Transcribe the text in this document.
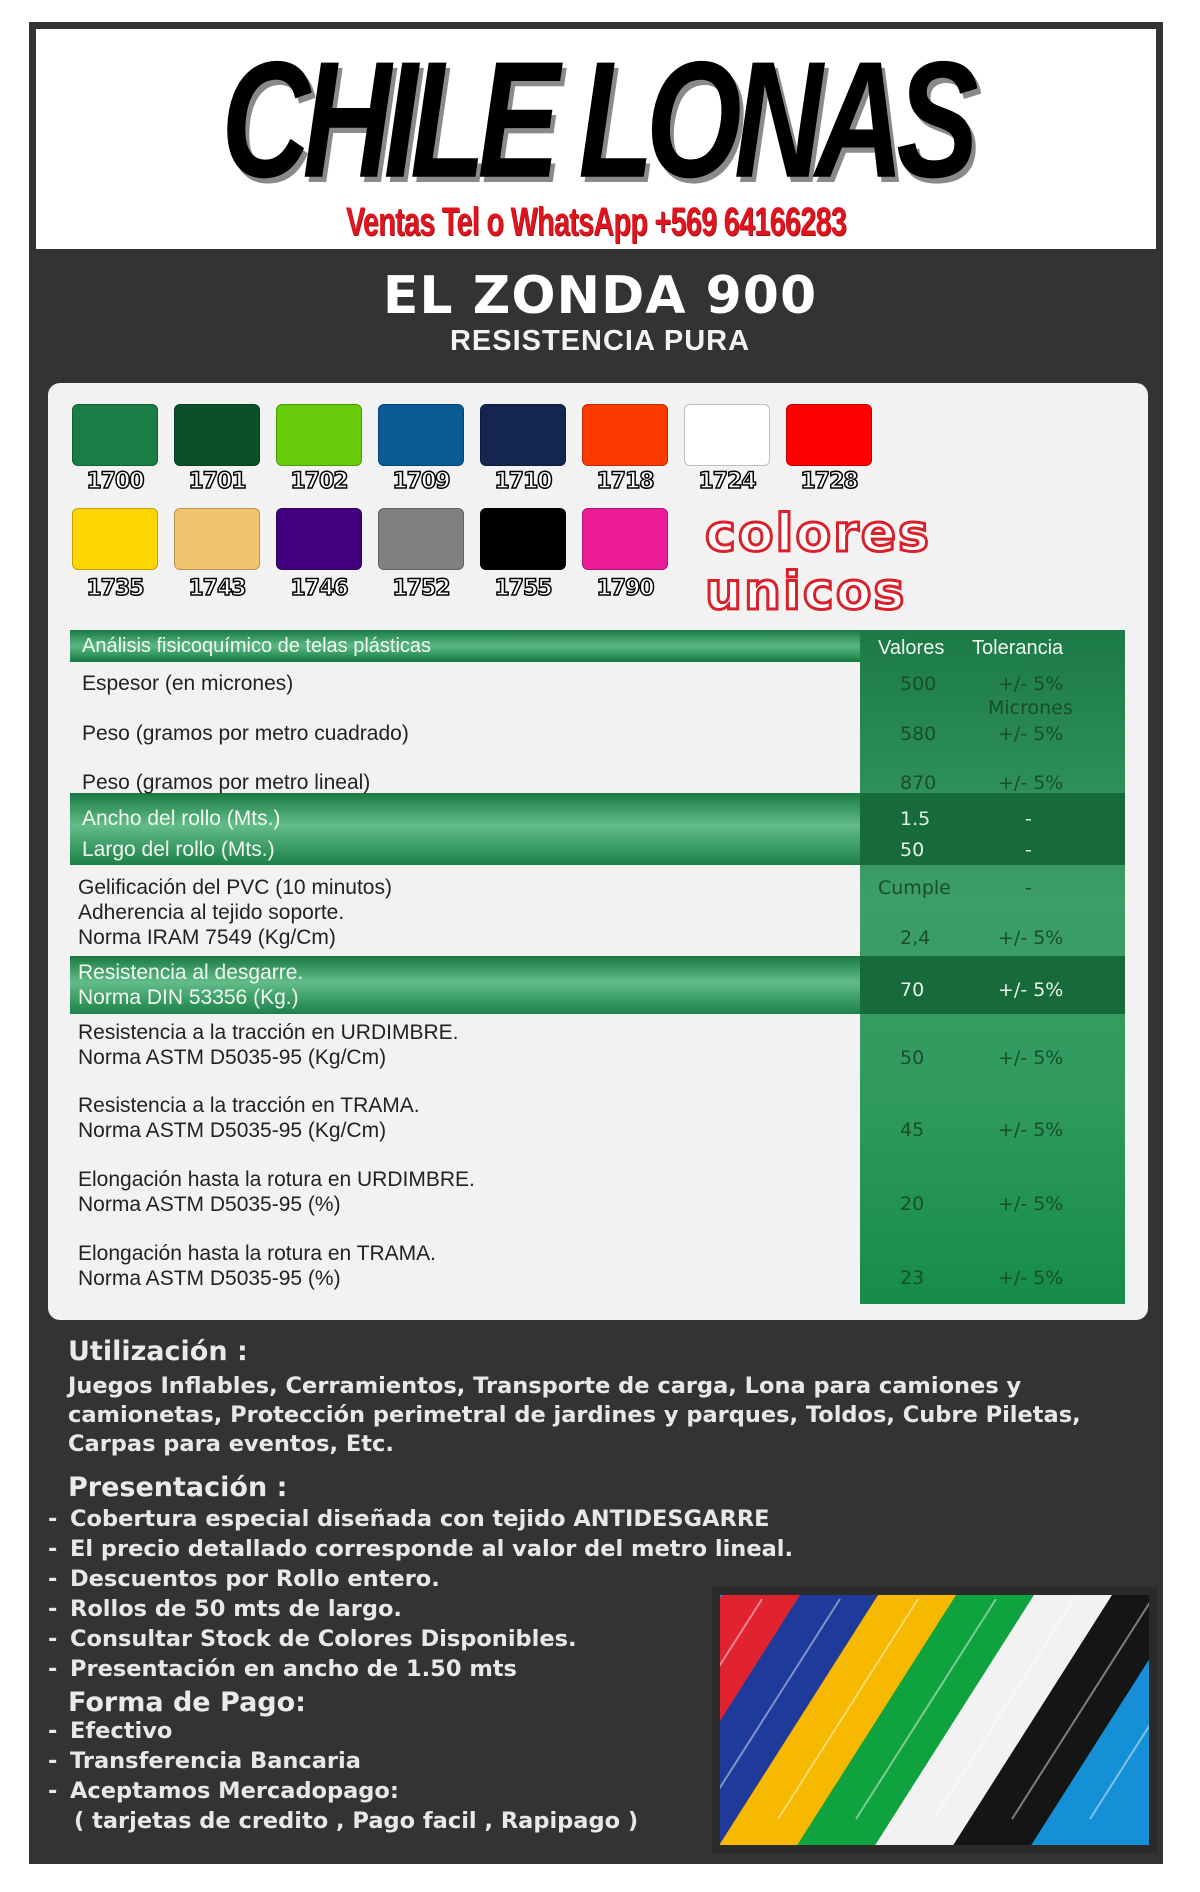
CHILE LONAS
Ventas Tel o WhatsApp +569 64166283
EL ZONDA 900
RESISTENCIA PURA
1700	1701	1702	1709	1710	1718	1724	1728
1735	1743	1746	1752	1755	1790
colores
unicos
Análisis fisicoquímico de telas plásticas	Valores Tolerancia
Espesor (en micrones)	500	+/- 5%
Micrones
Peso (gramos por metro cuadrado)	580	+/- 5%
Peso (gramos por metro lineal)	870	+/- 5%
Ancho del rollo (Mts.)	1.5	-
Largo del rollo (Mts.)	50	-
Gelificación del PVC (10 minutos)	Cumple	-
Adherencia al tejido soporte.
Norma IRAM 7549 (Kg/Cm)	2,4	+/- 5%
Resistencia al desgarre.
Norma DIN 53356 (Kg.)	70	+/- 5%
Resistencia a la tracción en URDIMBRE.
Norma ASTM D5035-95 (Kg/Cm)	50	+/- 5%
Resistencia a la tracción en TRAMA.
Norma ASTM D5035-95 (Kg/Cm)	45	+/- 5%
Elongación hasta la rotura en URDIMBRE.
Norma ASTM D5035-95 (%)	20	+/- 5%
Elongación hasta la rotura en TRAMA.
Norma ASTM D5035-95 (%)	23	+/- 5%
Utilización :
Juegos Inflables, Cerramientos, Transporte de carga, Lona para camiones y camionetas, Protección perimetral de jardines y parques, Toldos, Cubre Piletas, Carpas para eventos, Etc.
Presentación :
- Cobertura especial diseñada con tejido ANTIDESGARRE
- El precio detallado corresponde al valor del metro lineal.
- Descuentos por Rollo entero.
- Rollos de 50 mts de largo.
- Consultar Stock de Colores Disponibles.
- Presentación en ancho de 1.50 mts
Forma de Pago:
- Efectivo
- Transferencia Bancaria
- Aceptamos Mercadopago:
( tarjetas de credito , Pago facil , Rapipago )
